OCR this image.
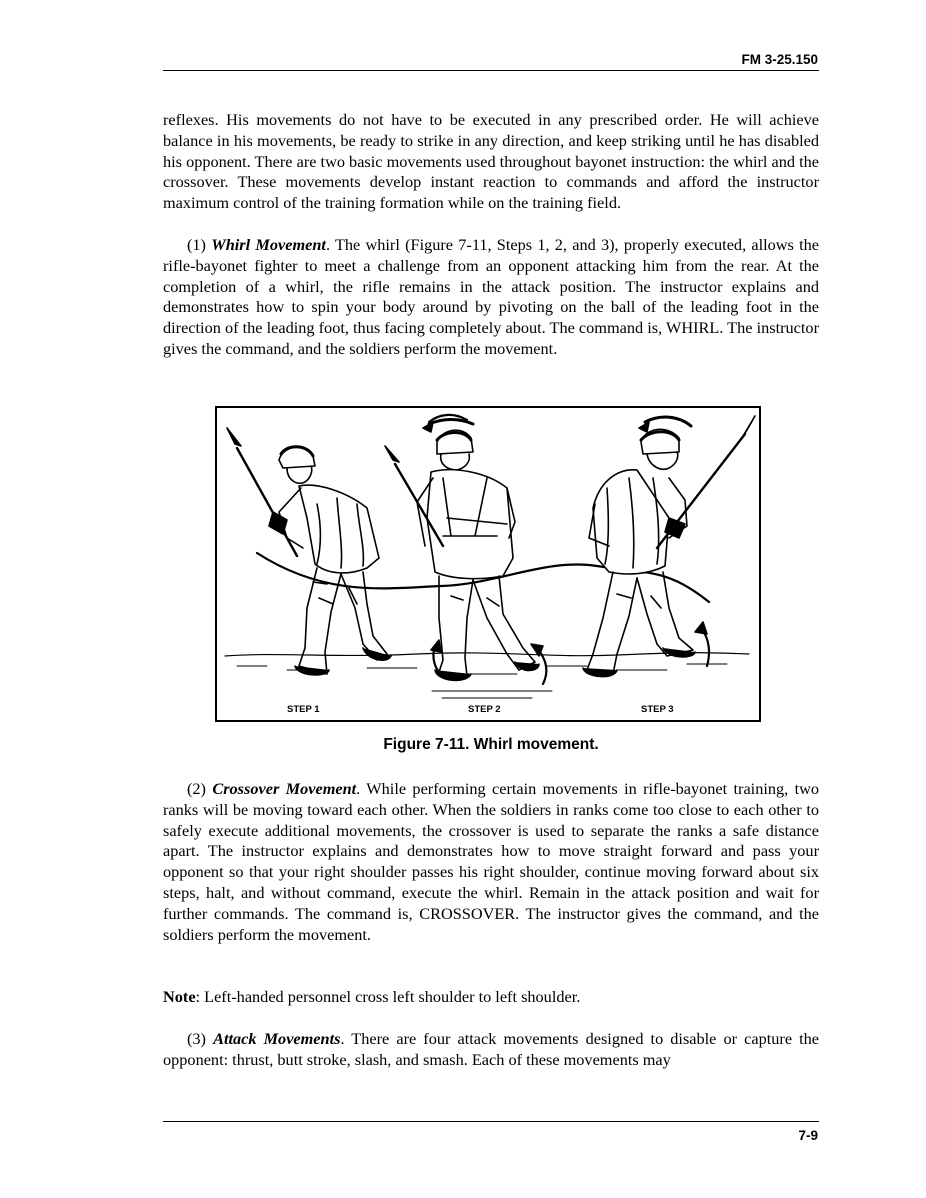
FM 3-25.150

reflexes. His movements do not have to be executed in any prescribed order. He will achieve balance in his movements, be ready to strike in any direction, and keep striking until he has disabled his opponent. There are two basic movements used throughout bayonet instruction: the whirl and the crossover. These movements develop instant reaction to commands and afford the instructor maximum control of the training formation while on the training field.

(1) Whirl Movement. The whirl (Figure 7-11, Steps 1, 2, and 3), properly executed, allows the rifle-bayonet fighter to meet a challenge from an opponent attacking him from the rear. At the completion of a whirl, the rifle remains in the attack position. The instructor explains and demonstrates how to spin your body around by pivoting on the ball of the leading foot in the direction of the leading foot, thus facing completely about. The command is, WHIRL. The instructor gives the command, and the soldiers perform the movement.

STEP 1	STEP 2	STEP 3
Figure 7-11. Whirl movement.

(2) Crossover Movement. While performing certain movements in rifle-bayonet training, two ranks will be moving toward each other. When the soldiers in ranks come too close to each other to safely execute additional movements, the crossover is used to separate the ranks a safe distance apart. The instructor explains and demonstrates how to move straight forward and pass your opponent so that your right shoulder passes his right shoulder, continue moving forward about six steps, halt, and without command, execute the whirl. Remain in the attack position and wait for further commands. The command is, CROSSOVER. The instructor gives the command, and the soldiers perform the movement.

Note: Left-handed personnel cross left shoulder to left shoulder.

(3) Attack Movements. There are four attack movements designed to disable or capture the opponent: thrust, butt stroke, slash, and smash. Each of these movements may

7-9
